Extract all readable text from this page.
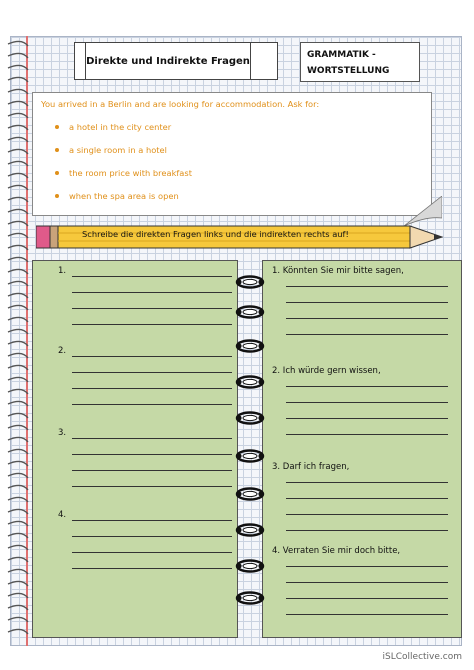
Direkte und Indirekte Fragen
GRAMMATIK -
WORTSTELLUNG

You arrived in a Berlin and are looking for accommodation. Ask for:

a hotel in the city center
a single room in a hotel
the room price with breakfast
when the spa area is open
Schreibe die direkten Fragen links und die indirekten rechts auf!
iSLCollective.com
1.
2.
3.
4.
1. Könnten Sie mir bitte sagen,
2. Ich würde gern wissen,
3. Darf ich fragen,
4. Verraten Sie mir doch bitte,
